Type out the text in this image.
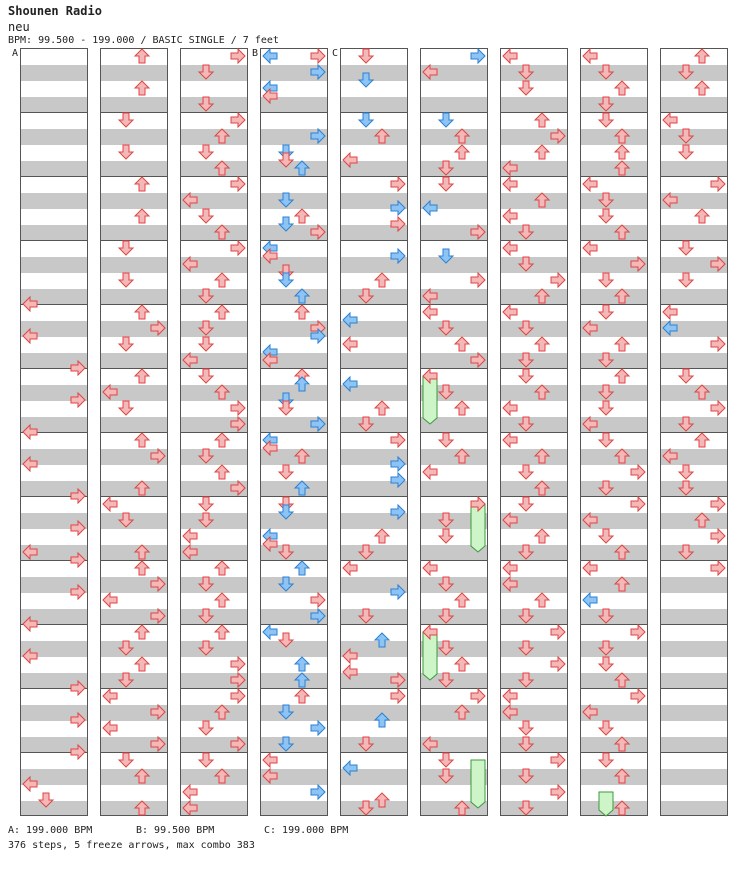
Shounen Radio
neu
BPM: 99.500 - 199.000 / BASIC SINGLE / 7 feet
A	B	C
A: 199.000 BPM	B: 99.500 BPM	C: 199.000 BPM
376 steps, 5 freeze arrows, max combo 383
